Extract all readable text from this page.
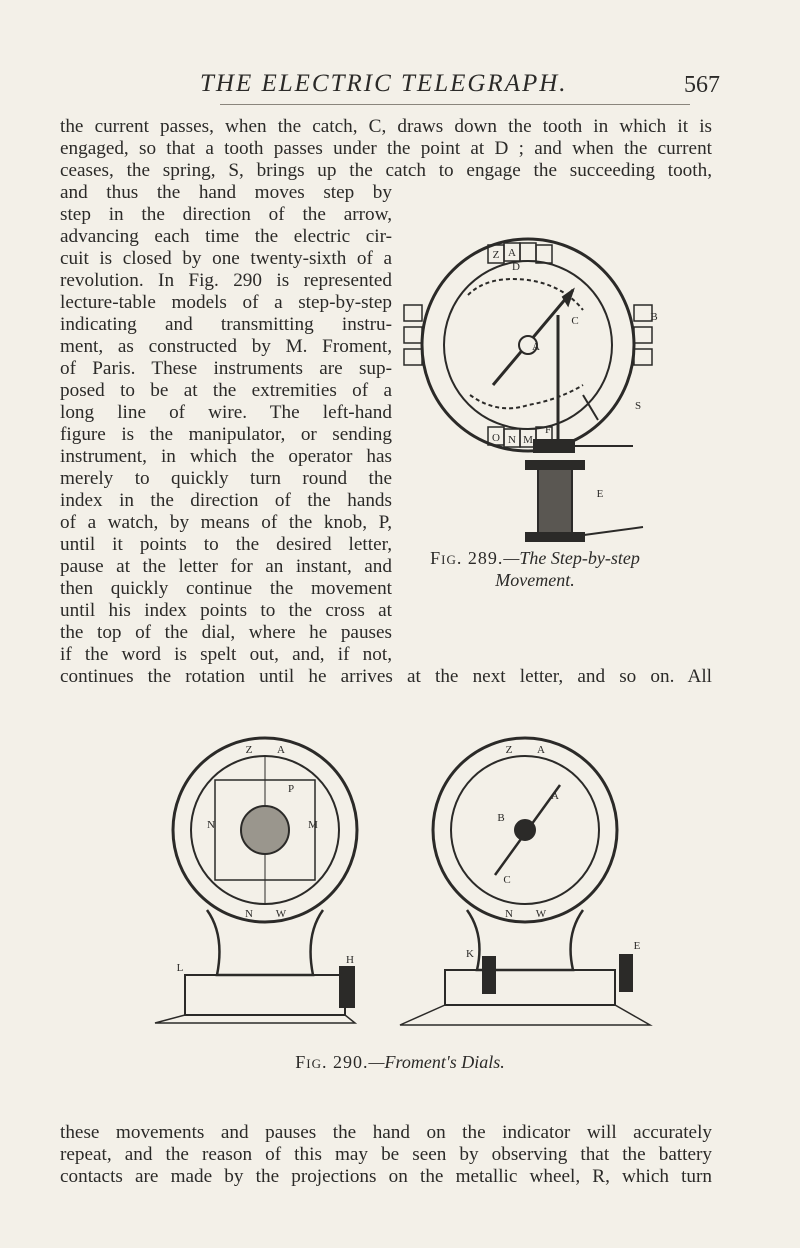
THE ELECTRIC TELEGRAPH.	567
the current passes, when the catch, C, draws down the tooth in which it is
engaged, so that a tooth passes under the point at D ; and when the current
ceases, the spring, S, brings up the catch to engage the succeeding tooth,
and thus the hand moves step by
step in the direction of the arrow,
advancing each time the electric cir-
cuit is closed by one twenty-sixth of a
revolution. In Fig. 290 is represented
lecture-table models of a step-by-step
indicating and transmitting instru-
ment, as constructed by M. Froment,
of Paris. These instruments are sup-
posed to be at the extremities of a
long line of wire. The left-hand
figure is the manipulator, or sending
instrument, in which the operator has
merely to quickly turn round the
index in the direction of the hands
of a watch, by means of the knob, P,
until it points to the desired letter,
pause at the letter for an instant, and
then quickly continue the movement
until his index points to the cross at
the top of the dial, where he pauses
if the word is spelt out, and, if not,
continues the rotation until he arrives at the next letter, and so on. All
Z A
O N M
D
C
A
B
S
F
E
Fig. 289.—The Step-by-step
Movement.
Z A
N W
Z A
N W
L
H
N	M
P
B
A
C
K
E
Fig. 290.—Froment's Dials.
these movements and pauses the hand on the indicator will accurately
repeat, and the reason of this may be seen by observing that the battery
contacts are made by the projections on the metallic wheel, R, which turn
